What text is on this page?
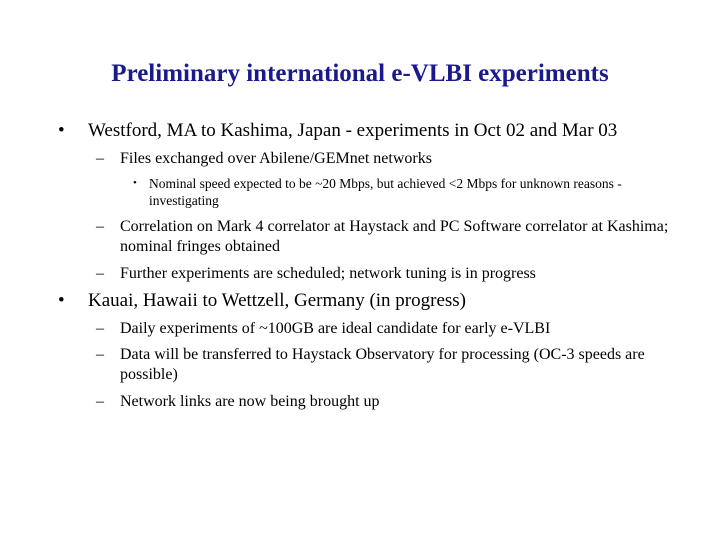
Preliminary international e-VLBI experiments
• Westford, MA to Kashima, Japan - experiments in Oct 02 and Mar 03
– Files exchanged over Abilene/GEMnet networks
• Nominal speed expected to be ~20 Mbps, but achieved <2 Mbps for unknown reasons - investigating
– Correlation on Mark 4 correlator at Haystack and PC Software correlator at Kashima; nominal fringes obtained
– Further experiments are scheduled; network tuning is in progress
• Kauai, Hawaii to Wettzell, Germany (in progress)
– Daily experiments of ~100GB are ideal candidate for early e-VLBI
– Data will be transferred to Haystack Observatory for processing (OC-3 speeds are possible)
– Network links are now being brought up
